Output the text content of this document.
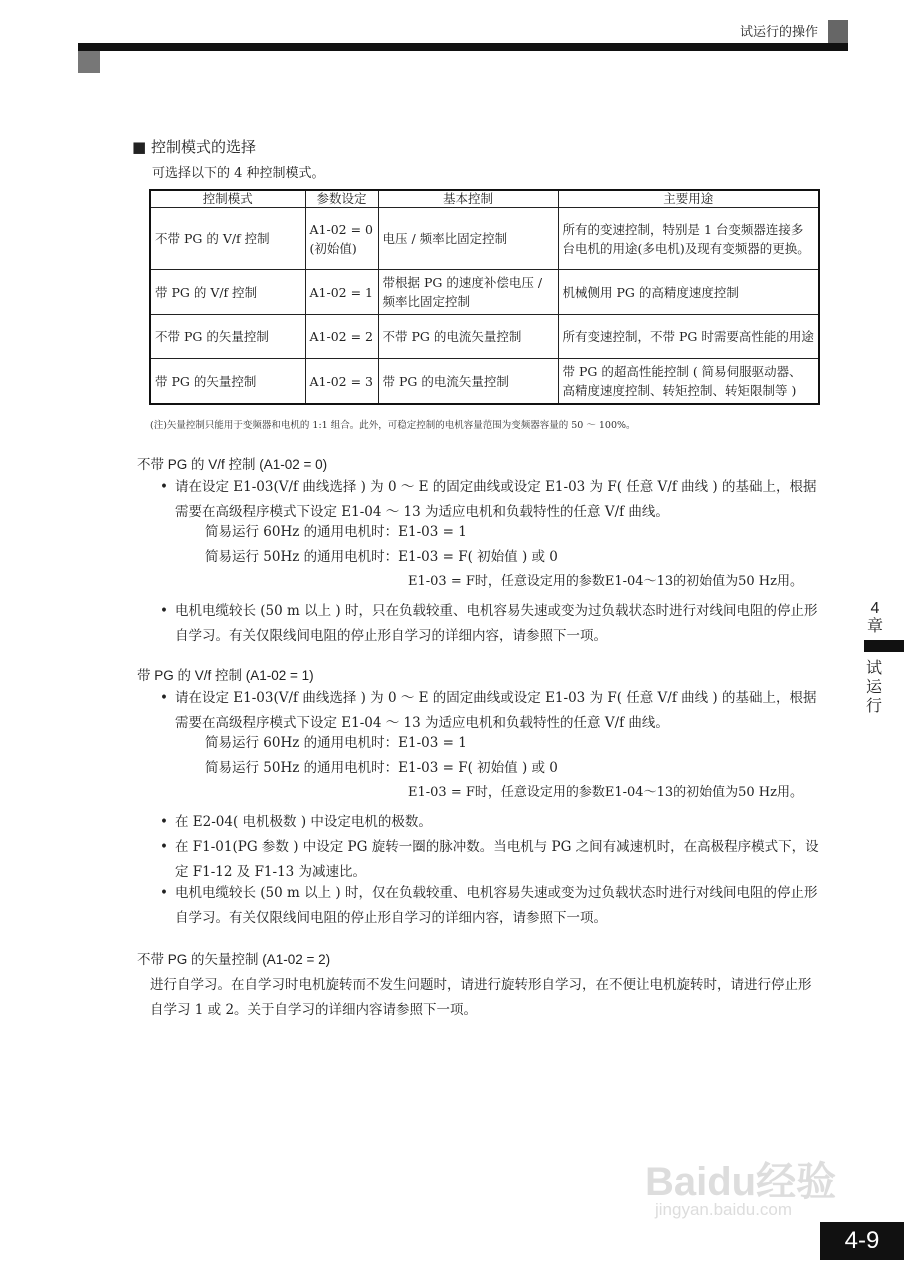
试运行的操作
■ 控制模式的选择
可选择以下的 4 种控制模式。
控制模式	参数设定	基本控制	主要用途
不带 PG 的 V/f 控制	A1-02 = 0 (初始值)	电压 / 频率比固定控制	所有的变速控制，特别是 1 台变频器连接多台电机的用途(多电机)及现有变频器的更换。
带 PG 的 V/f 控制	A1-02 = 1	带根据 PG 的速度补偿电压 / 频率比固定控制	机械侧用 PG 的高精度速度控制
不带 PG 的矢量控制	A1-02 = 2	不带 PG 的电流矢量控制	所有变速控制，不带 PG 时需要高性能的用途
带 PG 的矢量控制	A1-02 = 3	带 PG 的电流矢量控制	带 PG 的超高性能控制 ( 简易伺服驱动器、高精度速度控制、转矩控制、转矩限制等 )
(注)矢量控制只能用于变频器和电机的 1:1 组合。此外，可稳定控制的电机容量范围为变频器容量的 50 ～ 100%。
不带 PG 的 V/f 控制 (A1-02 = 0)
• 请在设定 E1-03(V/f 曲线选择 ) 为 0 ～ E 的固定曲线或设定 E1-03 为 F( 任意 V/f 曲线 ) 的基础上，根据需要在高级程序模式下设定 E1-04 ～ 13 为适应电机和负载特性的任意 V/f 曲线。
简易运行 60Hz 的通用电机时：E1-03 = 1
简易运行 50Hz 的通用电机时：E1-03 = F( 初始值 ) 或 0
E1-03 = F时，任意设定用的参数E1-04～13的初始值为50 Hz用。
• 电机电缆较长 (50 m 以上 ) 时，只在负载较重、电机容易失速或变为过负载状态时进行对线间电阻的停止形自学习。有关仅限线间电阻的停止形自学习的详细内容，请参照下一项。
带 PG 的 V/f 控制 (A1-02 = 1)
• 请在设定 E1-03(V/f 曲线选择 ) 为 0 ～ E 的固定曲线或设定 E1-03 为 F( 任意 V/f 曲线 ) 的基础上，根据需要在高级程序模式下设定 E1-04 ～ 13 为适应电机和负载特性的任意 V/f 曲线。
简易运行 60Hz 的通用电机时：E1-03 = 1
简易运行 50Hz 的通用电机时：E1-03 = F( 初始值 ) 或 0
E1-03 = F时，任意设定用的参数E1-04～13的初始值为50 Hz用。
• 在 E2-04( 电机极数 ) 中设定电机的极数。
• 在 F1-01(PG 参数 ) 中设定 PG 旋转一圈的脉冲数。当电机与 PG 之间有减速机时，在高极程序模式下，设定 F1-12 及 F1-13 为减速比。
• 电机电缆较长 (50 m 以上 ) 时，仅在负载较重、电机容易失速或变为过负载状态时进行对线间电阻的停止形自学习。有关仅限线间电阻的停止形自学习的详细内容，请参照下一项。
不带 PG 的矢量控制 (A1-02 = 2)
进行自学习。在自学习时电机旋转而不发生问题时，请进行旋转形自学习，在不便让电机旋转时，请进行停止形自学习 1 或 2。关于自学习的详细内容请参照下一项。
4
章
试运行
Baidu经验
jingyan.baidu.com
4-9
